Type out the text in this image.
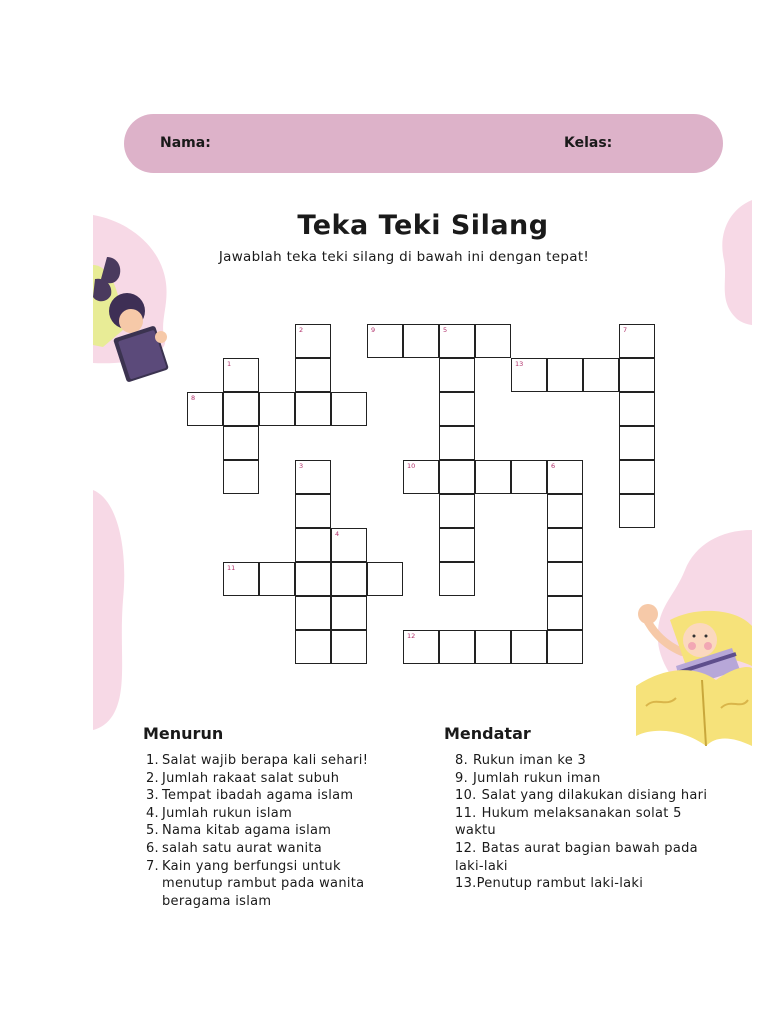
Nama:	Kelas:
Teka Teki Silang
Jawablah teka teki silang di bawah ini dengan tepat!
2	9	5	7
1	13
8
3	10	6
4
11
12
Menurun	Mendatar
1. Salat wajib berapa kali sehari!
2. Jumlah rakaat salat subuh
3. Tempat ibadah agama islam
4. Jumlah rukun islam
5. Nama kitab agama islam
6. salah satu aurat wanita
7. Kain yang berfungsi untuk menutup rambut pada wanita beragama islam
8. Rukun iman ke 3
9. Jumlah rukun iman
10. Salat yang dilakukan disiang hari
11. Hukum melaksanakan solat 5 waktu
12. Batas aurat bagian bawah pada laki-laki
13.Penutup rambut laki-laki
